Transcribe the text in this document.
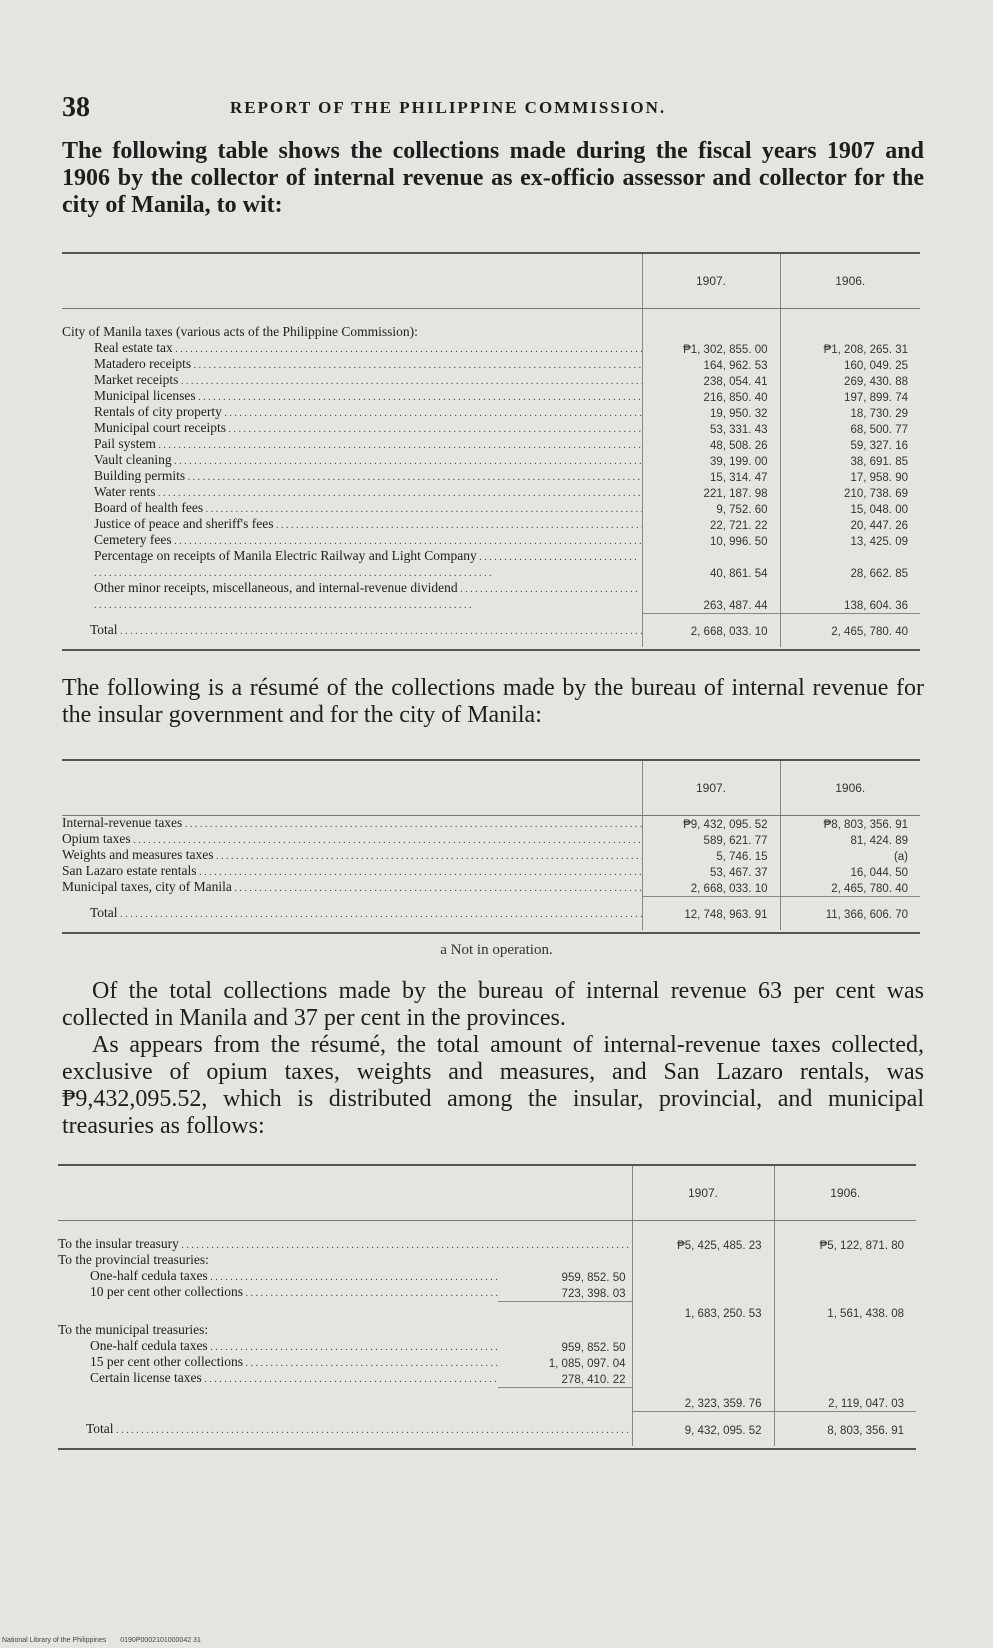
38	REPORT OF THE PHILIPPINE COMMISSION.

The following table shows the collections made during the fiscal years 1907 and 1906 by the collector of internal revenue as ex-officio assessor and collector for the city of Manila, to wit:

	1907.	1906.
City of Manila taxes (various acts of the Philippine Commission):		
Real estate tax . . .	₱1, 302, 855. 00	₱1, 208, 265. 31
Matadero receipts . . .	164, 962. 53	160, 049. 25
Market receipts . . .	238, 054. 41	269, 430. 88
Municipal licenses . . .	216, 850. 40	197, 899. 74
Rentals of city property . . .	19, 950. 32	18, 730. 29
Municipal court receipts . . .	53, 331. 43	68, 500. 77
Pail system . . .	48, 508. 26	59, 327. 16
Vault cleaning . . .	39, 199. 00	38, 691. 85
Building permits . . .	15, 314. 47	17, 958. 90
Water rents . . .	221, 187. 98	210, 738. 69
Board of health fees . . .	9, 752. 60	15, 048. 00
Justice of peace and sheriff's fees . . .	22, 721. 22	20, 447. 26
Cemetery fees . . .	10, 996. 50	13, 425. 09
Percentage on receipts of Manila Electric Railway and Light Company . . .	40, 861. 54	28, 662. 85
Other minor receipts, miscellaneous, and internal-revenue dividend . . .	263, 487. 44	138, 604. 36
Total . . .	2, 668, 033. 10	2, 465, 780. 40

The following is a résumé of the collections made by the bureau of internal revenue for the insular government and for the city of Manila:

	1907.	1906.
Internal-revenue taxes . . .	₱9, 432, 095. 52	₱8, 803, 356. 91
Opium taxes . . .	589, 621. 77	81, 424. 89
Weights and measures taxes . . .	5, 746. 15	(a)
San Lazaro estate rentals . . .	53, 467. 37	16, 044. 50
Municipal taxes, city of Manila . . .	2, 668, 033. 10	2, 465, 780. 40
Total . . .	12, 748, 963. 91	11, 366, 606. 70
a Not in operation.

Of the total collections made by the bureau of internal revenue 63 per cent was collected in Manila and 37 per cent in the provinces.

As appears from the résumé, the total amount of internal-revenue taxes collected, exclusive of opium taxes, weights and measures, and San Lazaro rentals, was ₱9,432,095.52, which is distributed among the insular, provincial, and municipal treasuries as follows:

		1907.	1906.
To the insular treasury . . .		₱5, 425, 485. 23	₱5, 122, 871. 80
To the provincial treasuries:			
One-half cedula taxes . . .	959, 852. 50		
10 per cent other collections . . .	723, 398. 03		
		1, 683, 250. 53	1, 561, 438. 08
To the municipal treasuries:			
One-half cedula taxes . . .	959, 852. 50		
15 per cent other collections . . .	1, 085, 097. 04		
Certain license taxes . . .	278, 410. 22		
		2, 323, 359. 76	2, 119, 047. 03
Total . . .		9, 432, 095. 52	8, 803, 356. 91
National Library of the Philippines 0190P0002101000042 31
